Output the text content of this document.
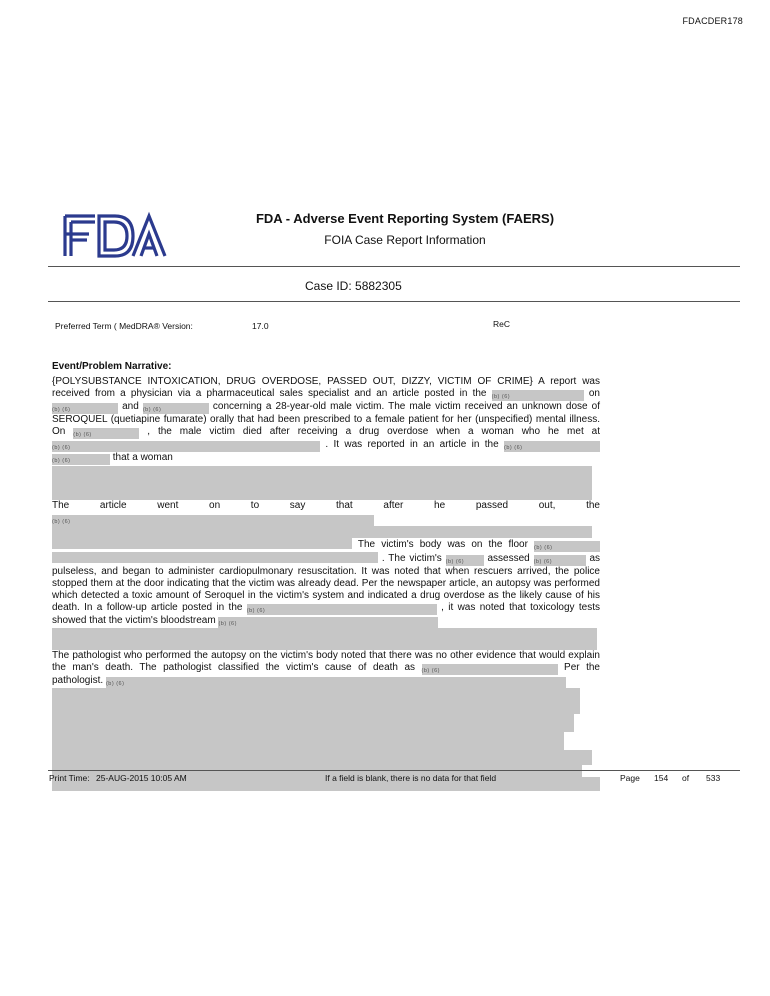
FDACDER178
FDA - Adverse Event Reporting System (FAERS)
FOIA Case Report Information
Case ID: 5882305
Preferred Term ( MedDRA® Version:	17.0	ReC
Event/Problem Narrative:

{POLYSUBSTANCE INTOXICATION, DRUG OVERDOSE, PASSED OUT, DIZZY, VICTIM OF CRIME} A report was received from a physician via a pharmaceutical sales specialist and an article posted in the (b) (6)	on (b) (6)	and (b) (6)	concerning a 28-year-old male victim. The male victim received an unknown dose of SEROQUEL (quetiapine fumarate) orally that had been prescribed to a female patient for her (unspecified) mental illness. On (b) (6)	, the male victim died after receiving a drug overdose when a woman who he met at (b) (6)	. It was reported in an article in the (b) (6) (b) (6)	that a woman

The article went on to say that after he passed out, the (b) (6)

The victim's body was on the floor (b) (6)  . The victim's (b) (6) assessed (b) (6)	as pulseless, and began to administer cardiopulmonary resuscitation. It was noted that when rescuers arrived, the police stopped them at the door indicating that the victim was already dead. Per the newspaper article, an autopsy was performed which detected a toxic amount of Seroquel in the victim's system and indicated a drug overdose as the likely cause of his death. In a follow-up article posted in the (b) (6)	, it was noted that toxicology tests showed that the victim's bloodstream (b) (6)

The pathologist who performed the autopsy on the victim's body noted that there was no other evidence that would explain the man's death. The pathologist classified the victim's cause of death as (b) (6)	Per the pathologist. (b) (6)

Print Time: 25-AUG-2015 10:05 AM	If a field is blank, there is no data for that field	Page 154 of 533
